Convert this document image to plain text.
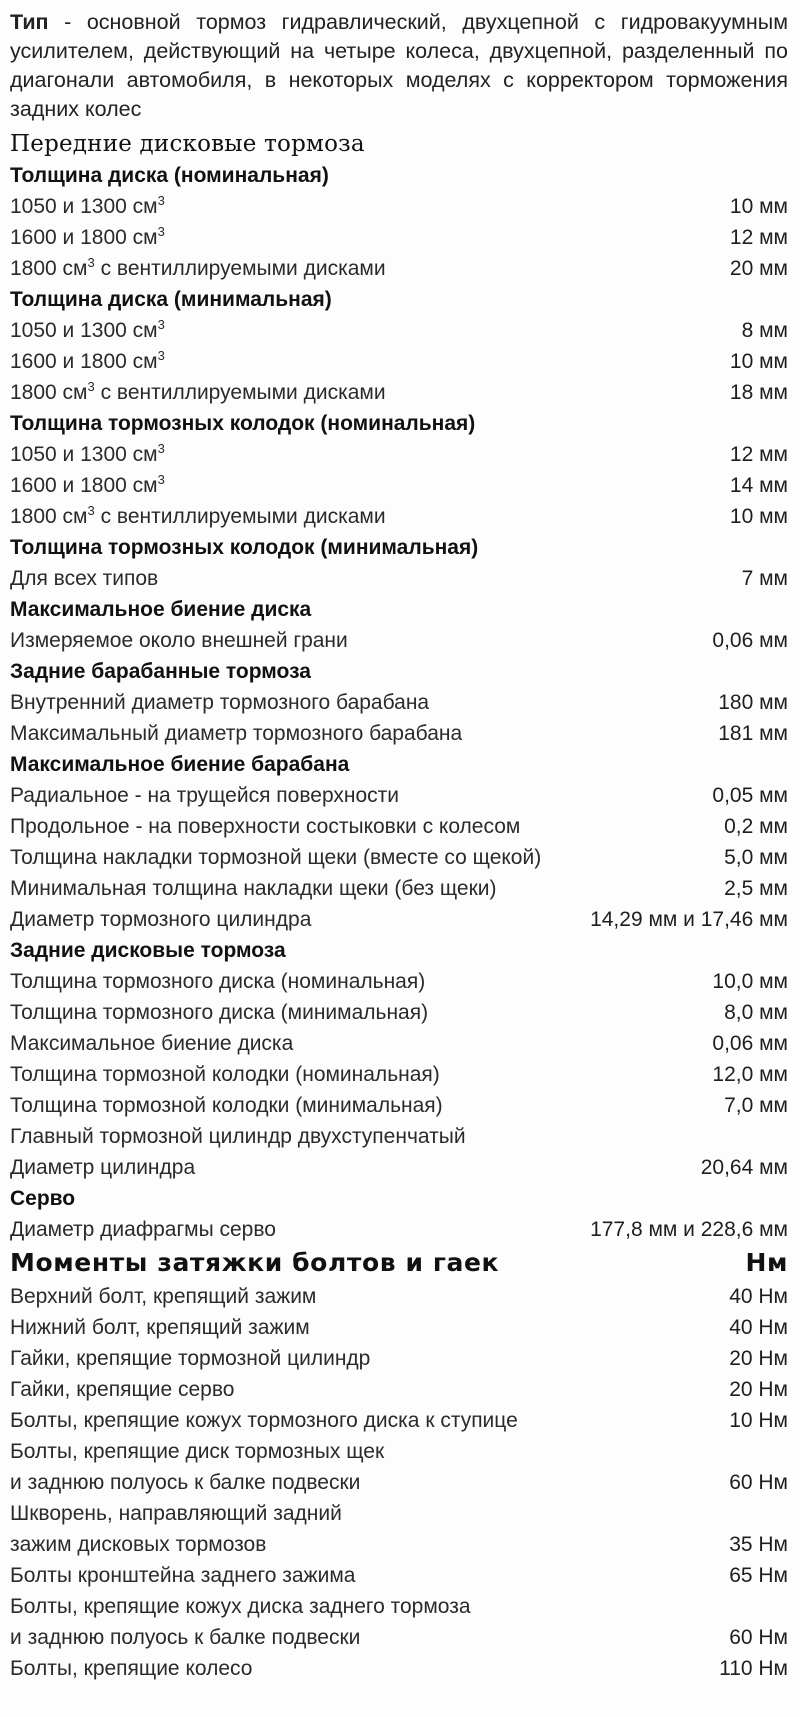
Тип - основной тормоз гидравлический, двухцепной с гидровакуумным усилителем, действующий на четыре колеса, двухцепной, разделенный по диагонали автомобиля, в некоторых моделях с корректором торможения задних колес

Передние дисковые тормоза
Толщина диска (номинальная)
1050 и 1300 $см^3$	10 мм
1600 и 1800 $см^3$	12 мм
1800 $см^3$ с вентиллируемыми дисками	20 мм
Толщина диска (минимальная)
1050 и 1300 $см^3$	8 мм
1600 и 1800 $см^3$	10 мм
1800 $см^3$ с вентиллируемыми дисками	18 мм
Толщина тормозных колодок (номинальная)
1050 и 1300 $см^3$	12 мм
1600 и 1800 $см^3$	14 мм
1800 $см^3$ с вентиллируемыми дисками	10 мм
Толщина тормозных колодок (минимальная)
Для всех типов	7 мм
Максимальное биение диска
Измеряемое около внешней грани	0,06 мм
Задние барабанные тормоза
Внутренний диаметр тормозного барабана	180 мм
Максимальный диаметр тормозного барабана	181 мм
Максимальное биение барабана
Радиальное - на трущейся поверхности	0,05 мм
Продольное - на поверхности состыковки с колесом	0,2 мм
Толщина накладки тормозной щеки (вместе со щекой)	5,0 мм
Минимальная толщина накладки щеки (без щеки)	2,5 мм
Диаметр тормозного цилиндра	14,29 мм и 17,46 мм
Задние дисковые тормоза
Толщина тормозного диска (номинальная)	10,0 мм
Толщина тормозного диска (минимальная)	8,0 мм
Максимальное биение диска	0,06 мм
Толщина тормозной колодки (номинальная)	12,0 мм
Толщина тормозной колодки (минимальная)	7,0 мм
Главный тормозной цилиндр двухступенчатый
Диаметр цилиндра	20,64 мм
Серво
Диаметр диафрагмы серво	177,8 мм и 228,6 мм
Моменты затяжки болтов и гаек	Нм
Верхний болт, крепящий зажим	40 Нм
Нижний болт, крепящий зажим	40 Нм
Гайки, крепящие тормозной цилиндр	20 Нм
Гайки, крепящие серво	20 Нм
Болты, крепящие кожух тормозного диска к ступице	10 Нм
Болты, крепящие диск тормозных щек
и заднюю полуось к балке подвески	60 Нм
Шкворень, направляющий задний
зажим дисковых тормозов	35 Нм
Болты кронштейна заднего зажима	65 Нм
Болты, крепящие кожух диска заднего тормоза
и заднюю полуось к балке подвески	60 Нм
Болты, крепящие колесо	110 Нм
